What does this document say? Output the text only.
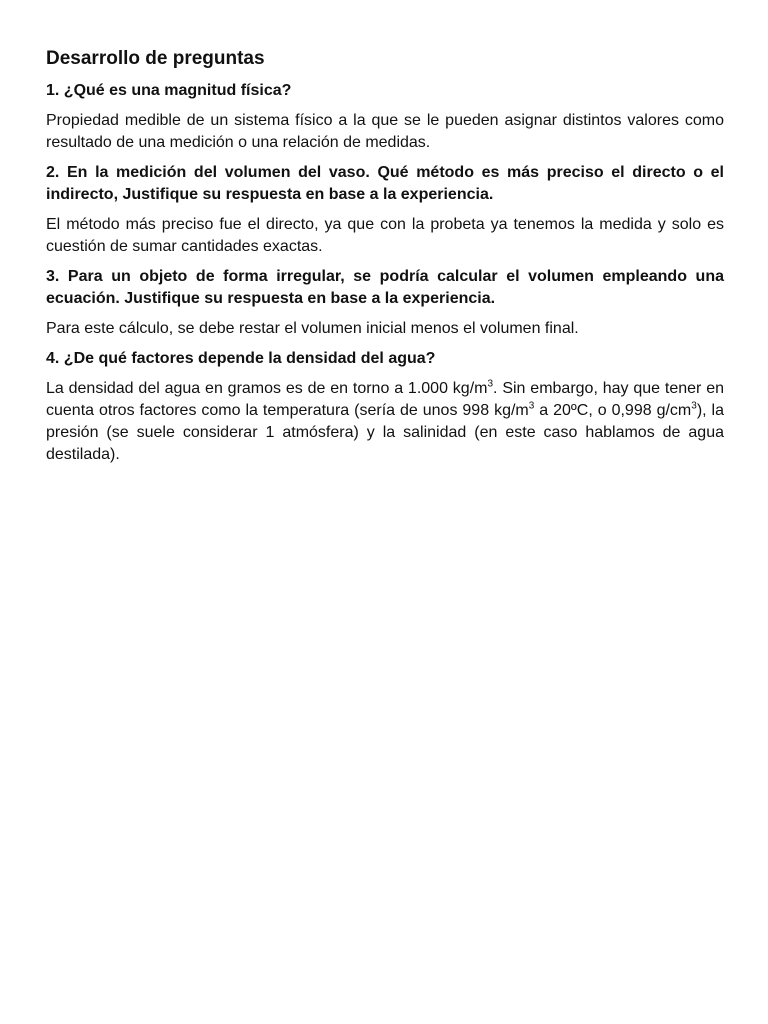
Desarrollo de preguntas
1. ¿Qué es una magnitud física?
Propiedad medible de un sistema físico a la que se le pueden asignar distintos valores como resultado de una medición o una relación de medidas.
2. En la medición del volumen del vaso. Qué método es más preciso el directo o el indirecto, Justifique su respuesta en base a la experiencia.
El método más preciso fue el directo, ya que con la probeta ya tenemos la medida y solo es cuestión de sumar cantidades exactas.
3. Para un objeto de forma irregular, se podría calcular el volumen empleando una ecuación. Justifique su respuesta en base a la experiencia.
Para este cálculo, se debe restar el volumen inicial menos el volumen final.
4. ¿De qué factores depende la densidad del agua?
La densidad del agua en gramos es de en torno a 1.000 $kg/m^3$. Sin embargo, hay que tener en cuenta otros factores como la temperatura (sería de unos 998 $kg/m^3$ a 20ºC, o 0,998 $g/cm^3$), la presión (se suele considerar 1 atmósfera) y la salinidad (en este caso hablamos de agua destilada).
